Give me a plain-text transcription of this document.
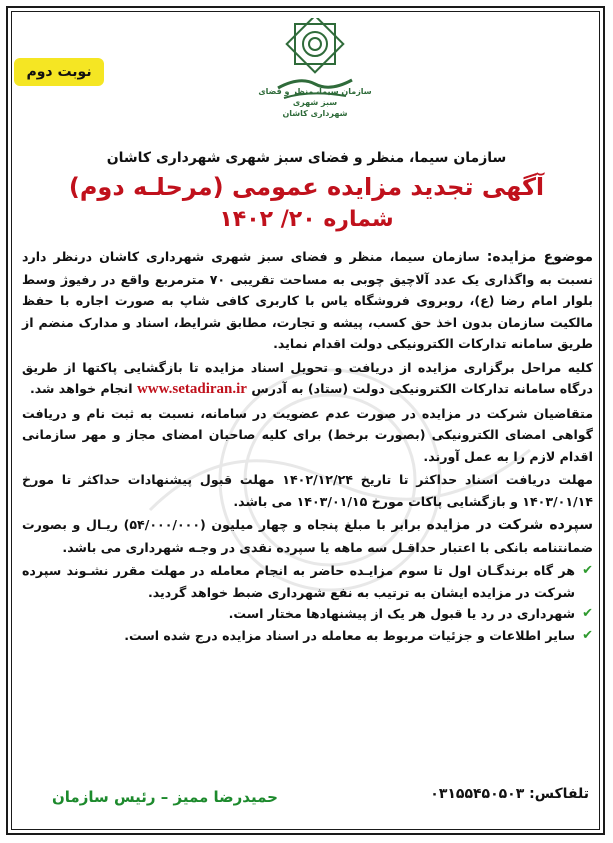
نوبت دوم
سازمان سیما، منظر و فضای سبز شهری
شهرداری کاشان
سازمان سیما، منظر و فضای سبز شهری شهرداری کاشان
آگهی تجدید مزایده عمومی (مرحلـه دوم)
شماره ۲۰/ ۱۴۰۲

موضوع مزایده: سازمان سیما، منظر و فضای سبز شهری شهرداری کاشان درنظر دارد نسبت به واگذاری یک عدد آلاچیق چوبی به مساحت تقریبی ۷۰ مترمربع واقع در رفیوژ وسط بلوار امام رضا (ع)، روبروی فروشگاه یاس با کاربری کافی شاپ به صورت اجاره با حفظ مالکیت سازمان بدون اخذ حق کسب، پیشه و تجارت، مطابق شرایط، اسناد و مدارک منضم از طریق سامانه تدارکات الکترونیکی دولت اقدام نماید.

کلیه مراحل برگزاری مزایده از دریافت و تحویل اسناد مزایده تا بازگشایی پاکتها از طریق درگاه سامانه تدارکات الکترونیکی دولت (ستاد) به آدرس www.setadiran.ir انجام خواهد شد.

متقاضیان شرکت در مزایده در صورت عدم عضویت در سامانه، نسبت به ثبت نام و دریافت گواهی امضای الکترونیکی (بصورت برخط) برای کلیه صاحبان امضای مجاز و مهر سازمانی اقدام لازم را به عمل آورند.

مهلت دریافت اسناد حداکثر تا تاریخ ۱۴۰۲/۱۲/۲۴ مهلت قبول پیشنهادات حداکثر تا مورخ ۱۴۰۳/۰۱/۱۴ و بازگشایی پاکات مورخ ۱۴۰۳/۰۱/۱۵ می باشد.

سپرده شرکت در مزایده برابر با مبلغ پنجاه و چهار میلیون (۵۴/۰۰۰/۰۰۰) ریـال و بصورت ضمانتنامه بانکی با اعتبار حداقـل سه ماهه یا سپرده نقدی در وجـه شهرداری می باشد.

✔
هر گاه برندگـان اول تا سوم مزایـده حاضر به انجام معامله در مهلت مقرر نشـوند سپرده شرکت در مزایده ایشان به ترتیب به نفع شهرداری ضبط خواهد گردید.
✔
شهرداری در رد یا قبول هر یک از پیشنهادها مختار است.
✔
سایر اطلاعات و جزئیات مربوط به معامله در اسناد مزایده درج شده است.
تلفاکس: ۰۳۱۵۵۴۵۰۵۰۳
حمیدرضا ممیز – رئیس سازمان
